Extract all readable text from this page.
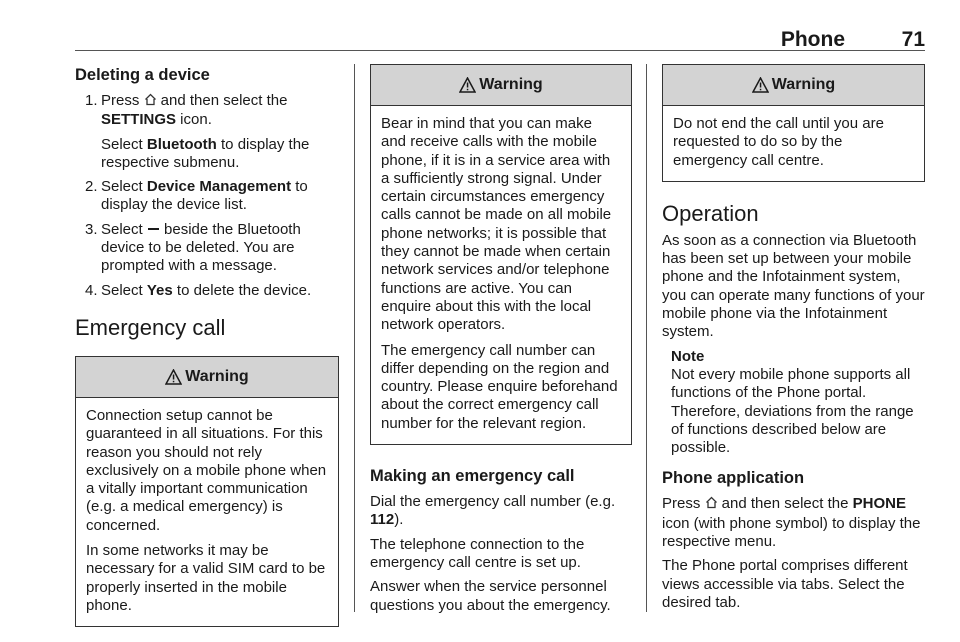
Phone	71
Deleting a device
1. Press  and then select the SETTINGS icon.

Select Bluetooth to display the respective submenu.

2. Select Device Management to display the device list.

3. Select  beside the Bluetooth device to be deleted. You are prompted with a message.

4. Select Yes to delete the device.

Emergency call
Warning

Connection setup cannot be guaranteed in all situations. For this reason you should not rely exclusively on a mobile phone when a vitally important communication (e.g. a medical emergency) is concerned.

In some networks it may be necessary for a valid SIM card to be properly inserted in the mobile phone.

Warning

Bear in mind that you can make and receive calls with the mobile phone, if it is in a service area with a sufficiently strong signal. Under certain circumstances emergency calls cannot be made on all mobile phone networks; it is possible that they cannot be made when certain network services and/or telephone functions are active. You can enquire about this with the local network operators.

The emergency call number can differ depending on the region and country. Please enquire beforehand about the correct emergency call number for the relevant region.

Making an emergency call

Dial the emergency call number (e.g. 112).

The telephone connection to the emergency call centre is set up.

Answer when the service personnel questions you about the emergency.

Warning

Do not end the call until you are requested to do so by the emergency call centre.

Operation

As soon as a connection via Bluetooth has been set up between your mobile phone and the Infotainment system, you can operate many functions of your mobile phone via the Infotainment system.

Note

Not every mobile phone supports all functions of the Phone portal.

Therefore, deviations from the range of functions described below are possible.

Phone application

Press  and then select the PHONE icon (with phone symbol) to display the respective menu.

The Phone portal comprises different views accessible via tabs. Select the desired tab.
